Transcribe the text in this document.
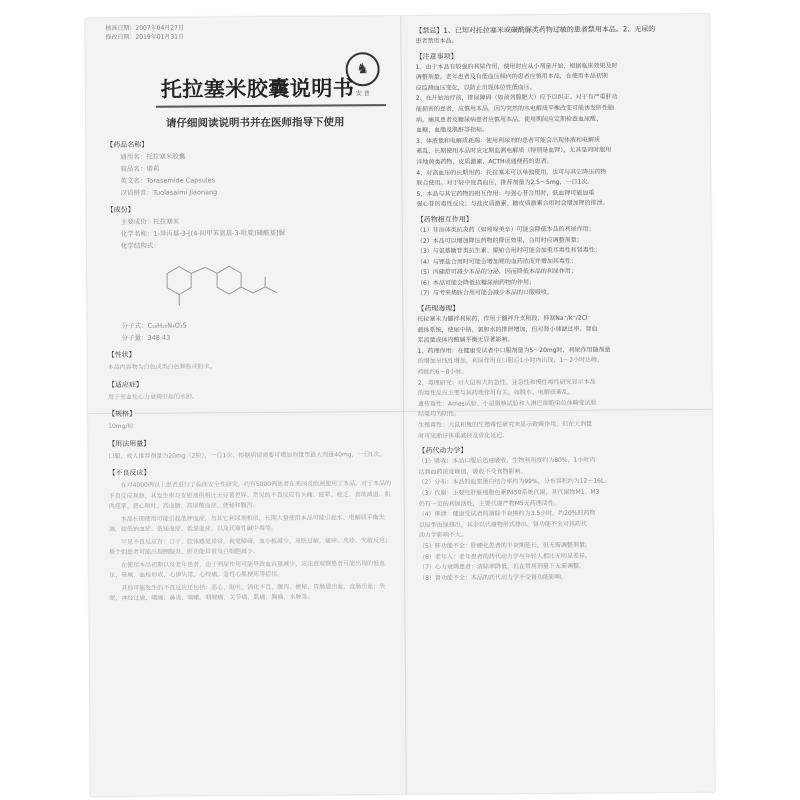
核准日期：2007年04月27日
修改日期：2019年01月31日
♞
安 普
托拉塞米胶囊说明书
请仔细阅读说明书并在医师指导下使用
【药品名称】
通用名：托拉塞米胶囊
商品名：诺莉
英文名：Torasemide Capsules
汉语拼音：Tuolasaimi Jiaonang
【成份】
主要成份：托拉塞米
化学名称：1-异丙基-3-[(4-间甲苯氨基-3-吡啶)磺酰基]脲
化学结构式：
分子式：C₁₆H₂₀N₄O₃S
分子量：348.43
【性状】
本品内容物为白色或类白色颗粒或粉末。
【适应症】
用于充血性心力衰竭引起的水肿。
【规格】
10mg/粒
【用法用量】
口服，成人推荐剂量为20mg（2粒），一日1次，根据病情需要可增加剂量至最大剂量40mg，一日1次。
【不良反应】
在对4000例以上患者进行了临床安全性研究，约有5000例患者在美国及欧洲使用了本品。对于本品的不良反应观察，其发生率与安慰剂组相比无显著差异。常见的不良反应有头痛、眩晕、疲乏、食欲减退、肌肉痉挛、恶心呕吐、高血糖、高尿酸血症、便秘和腹泻。
本品长期使用可能引起低钾血症，与其它利尿剂相似，长期大量使用本品可能引起水、电解质平衡失调，如低钠血症、低镁血症、低氯血症，以及代谢性碱中毒等。
罕见不良反应有：口干、肢体感觉异常，视觉障碍，血小板减少，皮肤过敏，瘙痒、皮疹、光敏反应；极个别患者可能出现胰腺炎、肝功能异常及白细胞减少。
在使用本品初期以及老年患者，由于利尿作用可能导致血容量减少，应注意观察患者可能出现的低血压、晕厥、血栓形成、心律失常、心绞痛、急性心肌梗死等症状。
其他可能发生的不良反应还包括：恶心、呕吐、消化不良、腹泻、便秘、胃肠道出血、直肠出血；失眠、神经过敏、嗜睡；鼻炎、咳嗽、咽喉痛、关节痛、肌痛；胸痛、水肿等。
【禁忌】1、已知对托拉塞米或磺酰脲类药物过敏的患者禁用本品。2、无尿的
患者禁用本品。
【注意事项】
1、由于本品有较强的利尿作用，使用时应从小剂量开始，根据临床效果及时
调整剂量。老年患者及有低血压倾向的患者应慎用本品，在使用本品初期
应监测血压变化，以防止出现体位性低血压。
2、在开始治疗前，排尿障碍（如前列腺肥大）应予以纠正。对于有严重肝功
能损害的患者，应慎用本品，因为突然的水电解质平衡改变可能诱发肝性脑
病。痛风患者及糖尿病患者应慎用本品，使用期间应定期检查血尿酸、
血糖、血脂及肌酐等指标。
3、体液量和电解质耗竭：使用利尿剂的患者可能会出现体液和电解质
紊乱，长期使用本品时应定期监测电解质（特别是血钾），尤其是同时服用
洋地黄类药物、皮质激素、ACTH或通便药的患者。
4、对高血压的长期用药：托拉塞米可以单独使用，也可与其它降压药物
联合使用。对于轻中度高血压，推荐剂量为2.5～5mg，一日1次。
5、本品与其它药物的相互作用：与强心苷合用时，低血钾可能加重
强心苷的毒性反应；与盐皮质激素、糖皮质激素合用时会增加钾的排泄。
【药物相互作用】
（1）非甾体类抗炎药（如吲哚美辛）可能会降低本品的利尿作用；
（2）本品可以增加降压药物的降压效果，合用时应调整剂量；
（3）与氨基糖苷类抗生素、顺铂合用时可能会加重耳毒性和肾毒性；
（4）与锂盐合用时可能会增加锂的血药浓度并增加其毒性；
（5）丙磺舒可减少本品的分泌，因而降低本品的利尿作用；
（6）本品可能会降低抗糖尿病药物的作用；
（7）与考来烯胺合用可能会减少本品的口服吸收。
【药理毒理】
托拉塞米为髓袢利尿药，作用于髓袢升支粗段，抑制Na⁺/K⁺/2Cl⁻
载体系统，使尿中钠、氯和水的排泄增加，但对肾小球滤过率、肾血
浆流量或体内酸碱平衡无显著影响。
1、药理作用：在健康受试者中口服剂量为5～20mg时，利尿作用随剂量
的增加呈线性增加，利尿作用在口服后1小时内出现，1～2小时达峰，
持续约6～8小时。
2、毒理研究：对大鼠和犬的急性、亚急性和慢性毒性研究显示本品
的毒性反应主要与其药理作用有关，如脱水、电解质紊乱。
遗传毒性：Ames试验、小鼠微核试验和人淋巴细胞染色体畸变试验
结果均为阴性。
生殖毒性：大鼠和兔的生殖毒性研究未显示致畸作用，但在大剂量
时可见胎仔体重减轻及骨化延迟。
【药代动力学】
（1）吸收：本品口服后迅速吸收，生物利用度约为80%，1小时内
达到血药浓度峰值，吸收不受食物影响。
（2）分布：本品的血浆蛋白结合率约为99%，分布容积约为12～16L。
（3）代谢：主要经肝脏细胞色素P450系统代谢，其代谢物M1、M3
仍有一定的利尿活性，主要代谢产物M5无药理活性。
（4）排泄：健康受试者的消除半衰期约为3.5小时，约20%的药物
以原型由尿排出，其余以代谢物形式排出，肾功能不全对其药代
动力学影响不大。
（5）肝功能不全：肝硬化患者的半衰期延长，但无需调整剂量。
（6）老年人：老年患者的药代动力学与年轻人相比无明显差异。
（7）心力衰竭患者：清除率降低，但在常用剂量下无需调整。
（8）肾功能不全：本品的药代动力学不受肾功能影响。
